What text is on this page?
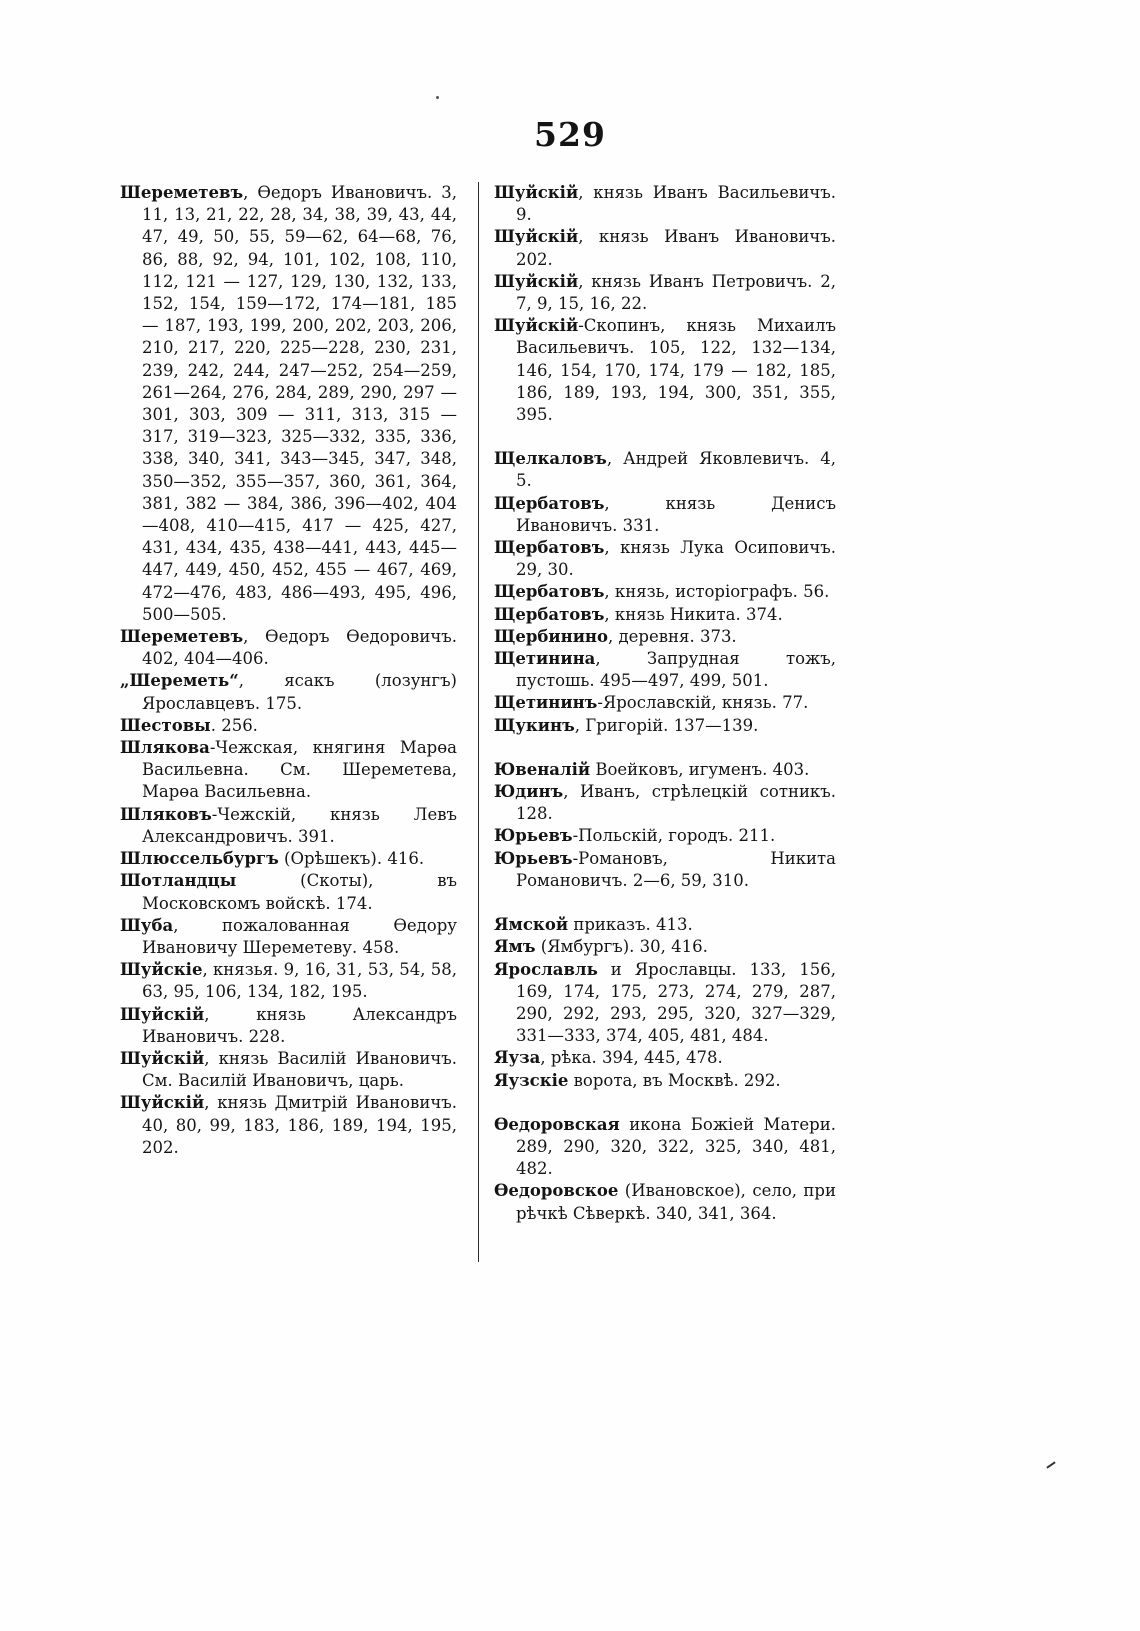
529
Шереметевъ, Өедоръ Ивановичъ. 3, 11, 13, 21, 22, 28, 34, 38, 39, 43, 44, 47, 49, 50, 55, 59—62, 64—68, 76, 86, 88, 92, 94, 101, 102, 108, 110, 112, 121 — 127, 129, 130, 132, 133, 152, 154, 159—172, 174—181, 185 — 187, 193, 199, 200, 202, 203, 206, 210, 217, 220, 225—228, 230, 231, 239, 242, 244, 247—252, 254—259, 261—264, 276, 284, 289, 290, 297 — 301, 303, 309 — 311, 313, 315 — 317, 319—323, 325—332, 335, 336, 338, 340, 341, 343—345, 347, 348, 350—352, 355—357, 360, 361, 364, 381, 382 — 384, 386, 396—402, 404—408, 410—415, 417 — 425, 427, 431, 434, 435, 438—441, 443, 445—447, 449, 450, 452, 455 — 467, 469, 472—476, 483, 486—493, 495, 496, 500—505.
Шереметевъ, Өедоръ Өедоровичъ. 402, 404—406.
„Шереметь“, ясакъ (лозунгъ) Ярославцевъ. 175.
Шестовы. 256.
Шлякова-Чежская, княгиня Марөа Васильевна. См. Шереметева, Марөа Васильевна.
Шляковъ-Чежскій, князь Левъ Александровичъ. 391.
Шлюссельбургъ (Орѣшекъ). 416.
Шотландцы (Скоты), въ Московскомъ войскѣ. 174.
Шуба, пожалованная Өедору Ивановичу Шереметеву. 458.
Шуйскіе, князья. 9, 16, 31, 53, 54, 58, 63, 95, 106, 134, 182, 195.
Шуйскій, князь Александръ Ивановичъ. 228.
Шуйскій, князь Василій Ивановичъ. См. Василій Ивановичъ, царь.
Шуйскій, князь Дмитрій Ивановичъ. 40, 80, 99, 183, 186, 189, 194, 195, 202.
Шуйскій, князь Иванъ Васильевичъ. 9.
Шуйскій, князь Иванъ Ивановичъ. 202.
Шуйскій, князь Иванъ Петровичъ. 2, 7, 9, 15, 16, 22.
Шуйскій-Скопинъ, князь Михаилъ Васильевичъ. 105, 122, 132—134, 146, 154, 170, 174, 179 — 182, 185, 186, 189, 193, 194, 300, 351, 355, 395.
Щелкаловъ, Андрей Яковлевичъ. 4, 5.
Щербатовъ, князь Денисъ Ивановичъ. 331.
Щербатовъ, князь Лука Осиповичъ. 29, 30.
Щербатовъ, князь, исторіографъ. 56.
Щербатовъ, князь Никита. 374.
Щербинино, деревня. 373.
Щетинина, Запрудная тожъ, пустошь. 495—497, 499, 501.
Щетининъ-Ярославскій, князь. 77.
Щукинъ, Григорій. 137—139.
Ювеналій Воейковъ, игуменъ. 403.
Юдинъ, Иванъ, стрѣлецкій сотникъ. 128.
Юрьевъ-Польскій, городъ. 211.
Юрьевъ-Романовъ, Никита Романовичъ. 2—6, 59, 310.
Ямской приказъ. 413.
Ямъ (Ямбургъ). 30, 416.
Ярославль и Ярославцы. 133, 156, 169, 174, 175, 273, 274, 279, 287, 290, 292, 293, 295, 320, 327—329, 331—333, 374, 405, 481, 484.
Яуза, рѣка. 394, 445, 478.
Яузскіе ворота, въ Москвѣ. 292.
Өедоровская икона Божіей Матери. 289, 290, 320, 322, 325, 340, 481, 482.
Өедоровское (Ивановское), село, при рѣчкѣ Сѣверкѣ. 340, 341, 364.
